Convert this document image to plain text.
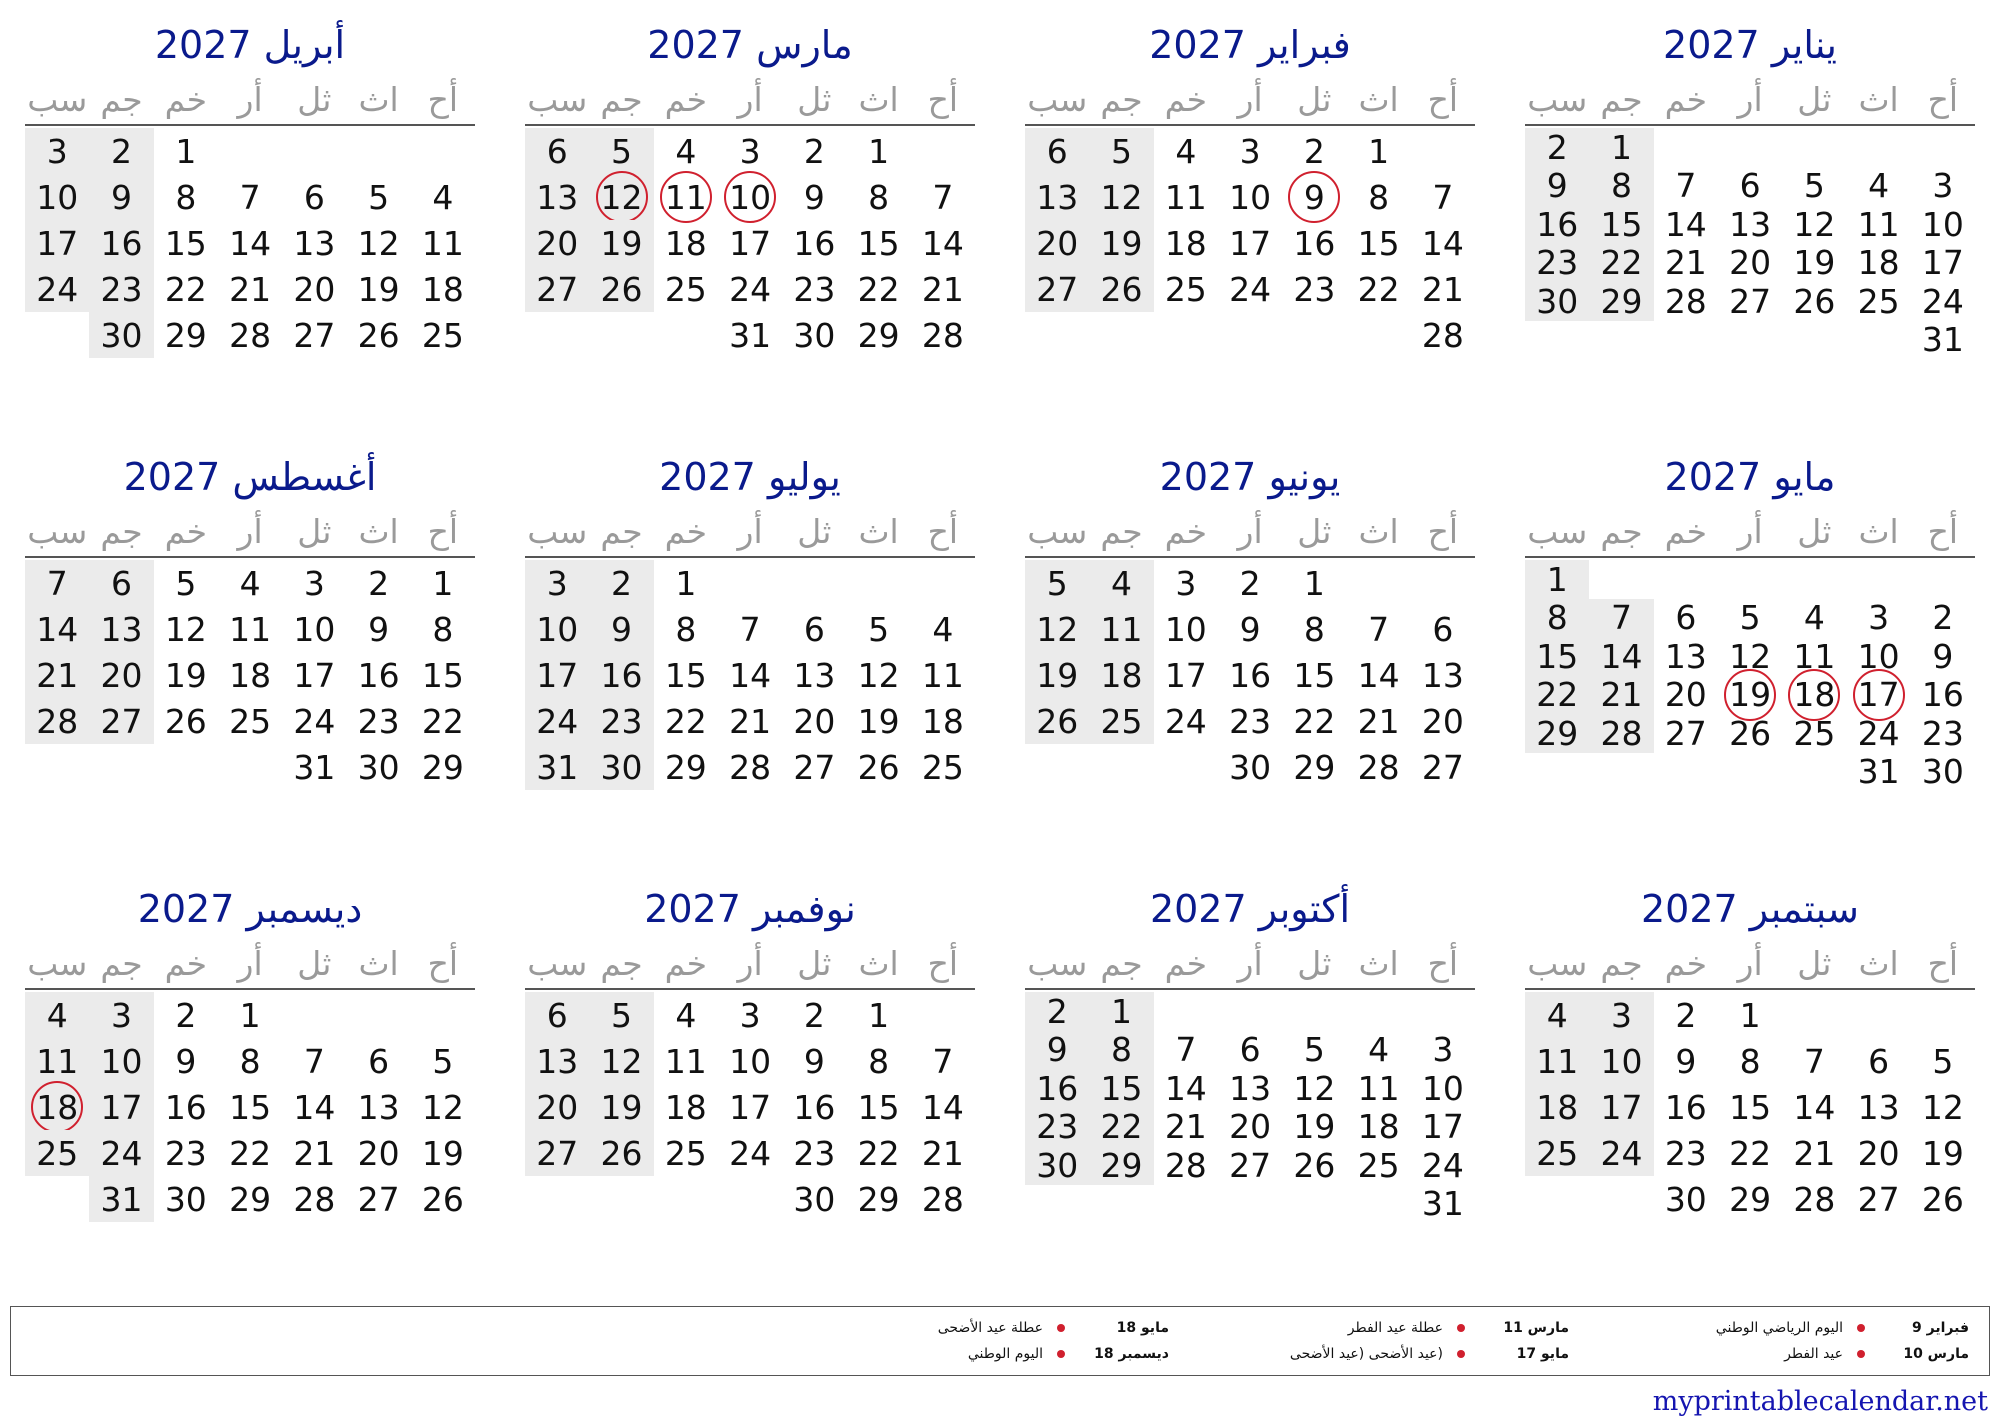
يناير 2027
أح
اث
ثل
أر
خم
جم
سب
1
2
3
4
5
6
7
8
9
10
11
12
13
14
15
16
17
18
19
20
21
22
23
24
25
26
27
28
29
30
31
فبراير 2027
أح
اث
ثل
أر
خم
جم
سب
1
2
3
4
5
6
7
8
9
10
11
12
13
14
15
16
17
18
19
20
21
22
23
24
25
26
27
28
مارس 2027
أح
اث
ثل
أر
خم
جم
سب
1
2
3
4
5
6
7
8
9
10
11
12
13
14
15
16
17
18
19
20
21
22
23
24
25
26
27
28
29
30
31
أبريل 2027
أح
اث
ثل
أر
خم
جم
سب
1
2
3
4
5
6
7
8
9
10
11
12
13
14
15
16
17
18
19
20
21
22
23
24
25
26
27
28
29
30
مايو 2027
أح
اث
ثل
أر
خم
جم
سب
1
2
3
4
5
6
7
8
9
10
11
12
13
14
15
16
17
18
19
20
21
22
23
24
25
26
27
28
29
30
31
يونيو 2027
أح
اث
ثل
أر
خم
جم
سب
1
2
3
4
5
6
7
8
9
10
11
12
13
14
15
16
17
18
19
20
21
22
23
24
25
26
27
28
29
30
يوليو 2027
أح
اث
ثل
أر
خم
جم
سب
1
2
3
4
5
6
7
8
9
10
11
12
13
14
15
16
17
18
19
20
21
22
23
24
25
26
27
28
29
30
31
أغسطس 2027
أح
اث
ثل
أر
خم
جم
سب
1
2
3
4
5
6
7
8
9
10
11
12
13
14
15
16
17
18
19
20
21
22
23
24
25
26
27
28
29
30
31
سبتمبر 2027
أح
اث
ثل
أر
خم
جم
سب
1
2
3
4
5
6
7
8
9
10
11
12
13
14
15
16
17
18
19
20
21
22
23
24
25
26
27
28
29
30
أكتوبر 2027
أح
اث
ثل
أر
خم
جم
سب
1
2
3
4
5
6
7
8
9
10
11
12
13
14
15
16
17
18
19
20
21
22
23
24
25
26
27
28
29
30
31
نوفمبر 2027
أح
اث
ثل
أر
خم
جم
سب
1
2
3
4
5
6
7
8
9
10
11
12
13
14
15
16
17
18
19
20
21
22
23
24
25
26
27
28
29
30
ديسمبر 2027
أح
اث
ثل
أر
خم
جم
سب
1
2
3
4
5
6
7
8
9
10
11
12
13
14
15
16
17
18
19
20
21
22
23
24
25
26
27
28
29
30
31
فبراير 9
اليوم الرياضي الوطني
مارس 10
عيد الفطر
مارس 11
عطلة عيد الفطر
مايو 17
(عيد الأضحى (عيد الأضحى
مايو 18
عطلة عيد الأضحى
ديسمبر 18
اليوم الوطني
myprintablecalendar.net
